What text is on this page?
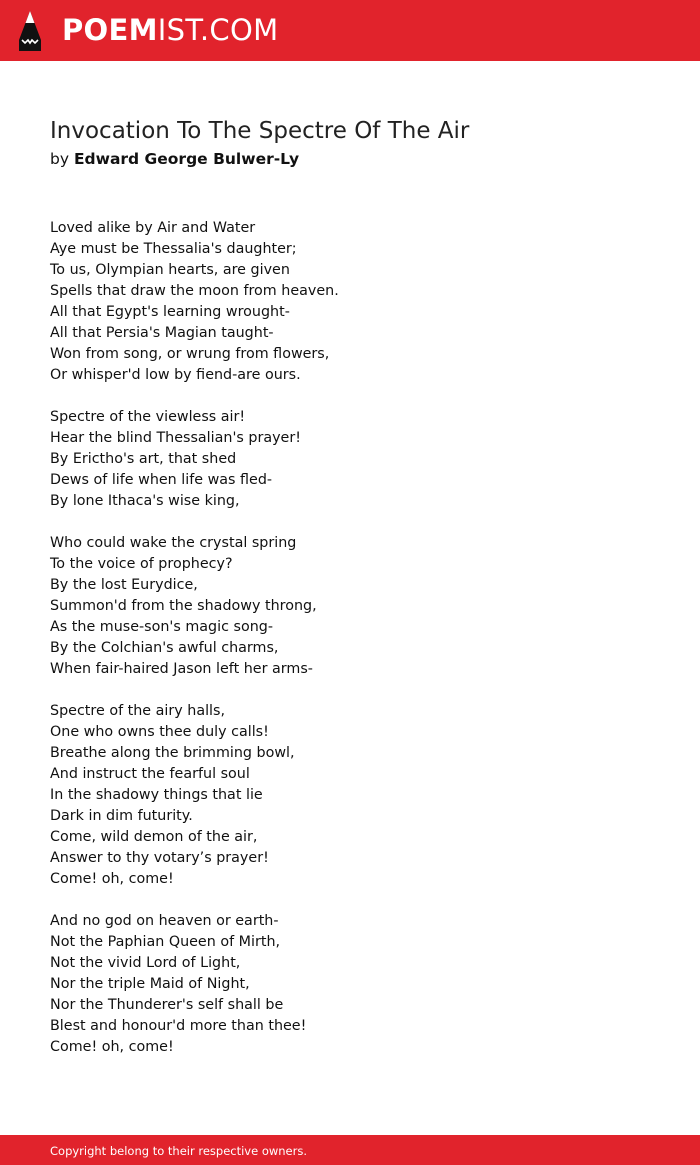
POEMIST.COM
Invocation To The Spectre Of The Air
by Edward George Bulwer-Ly
Loved alike by Air and Water
Aye must be Thessalia's daughter;
To us, Olympian hearts, are given
Spells that draw the moon from heaven.
All that Egypt's learning wrought-
All that Persia's Magian taught-
Won from song, or wrung from flowers,
Or whisper'd low by fiend-are ours.
Spectre of the viewless air!
Hear the blind Thessalian's prayer!
By Erictho's art, that shed
Dews of life when life was fled-
By lone Ithaca's wise king,
Who could wake the crystal spring
To the voice of prophecy?
By the lost Eurydice,
Summon'd from the shadowy throng,
As the muse-son's magic song-
By the Colchian's awful charms,
When fair-haired Jason left her arms-
Spectre of the airy halls,
One who owns thee duly calls!
Breathe along the brimming bowl,
And instruct the fearful soul
In the shadowy things that lie
Dark in dim futurity.
Come, wild demon of the air,
Answer to thy votary’s prayer!
Come! oh, come!
And no god on heaven or earth-
Not the Paphian Queen of Mirth,
Not the vivid Lord of Light,
Nor the triple Maid of Night,
Nor the Thunderer's self shall be
Blest and honour'd more than thee!
Come! oh, come!
Copyright belong to their respective owners.
